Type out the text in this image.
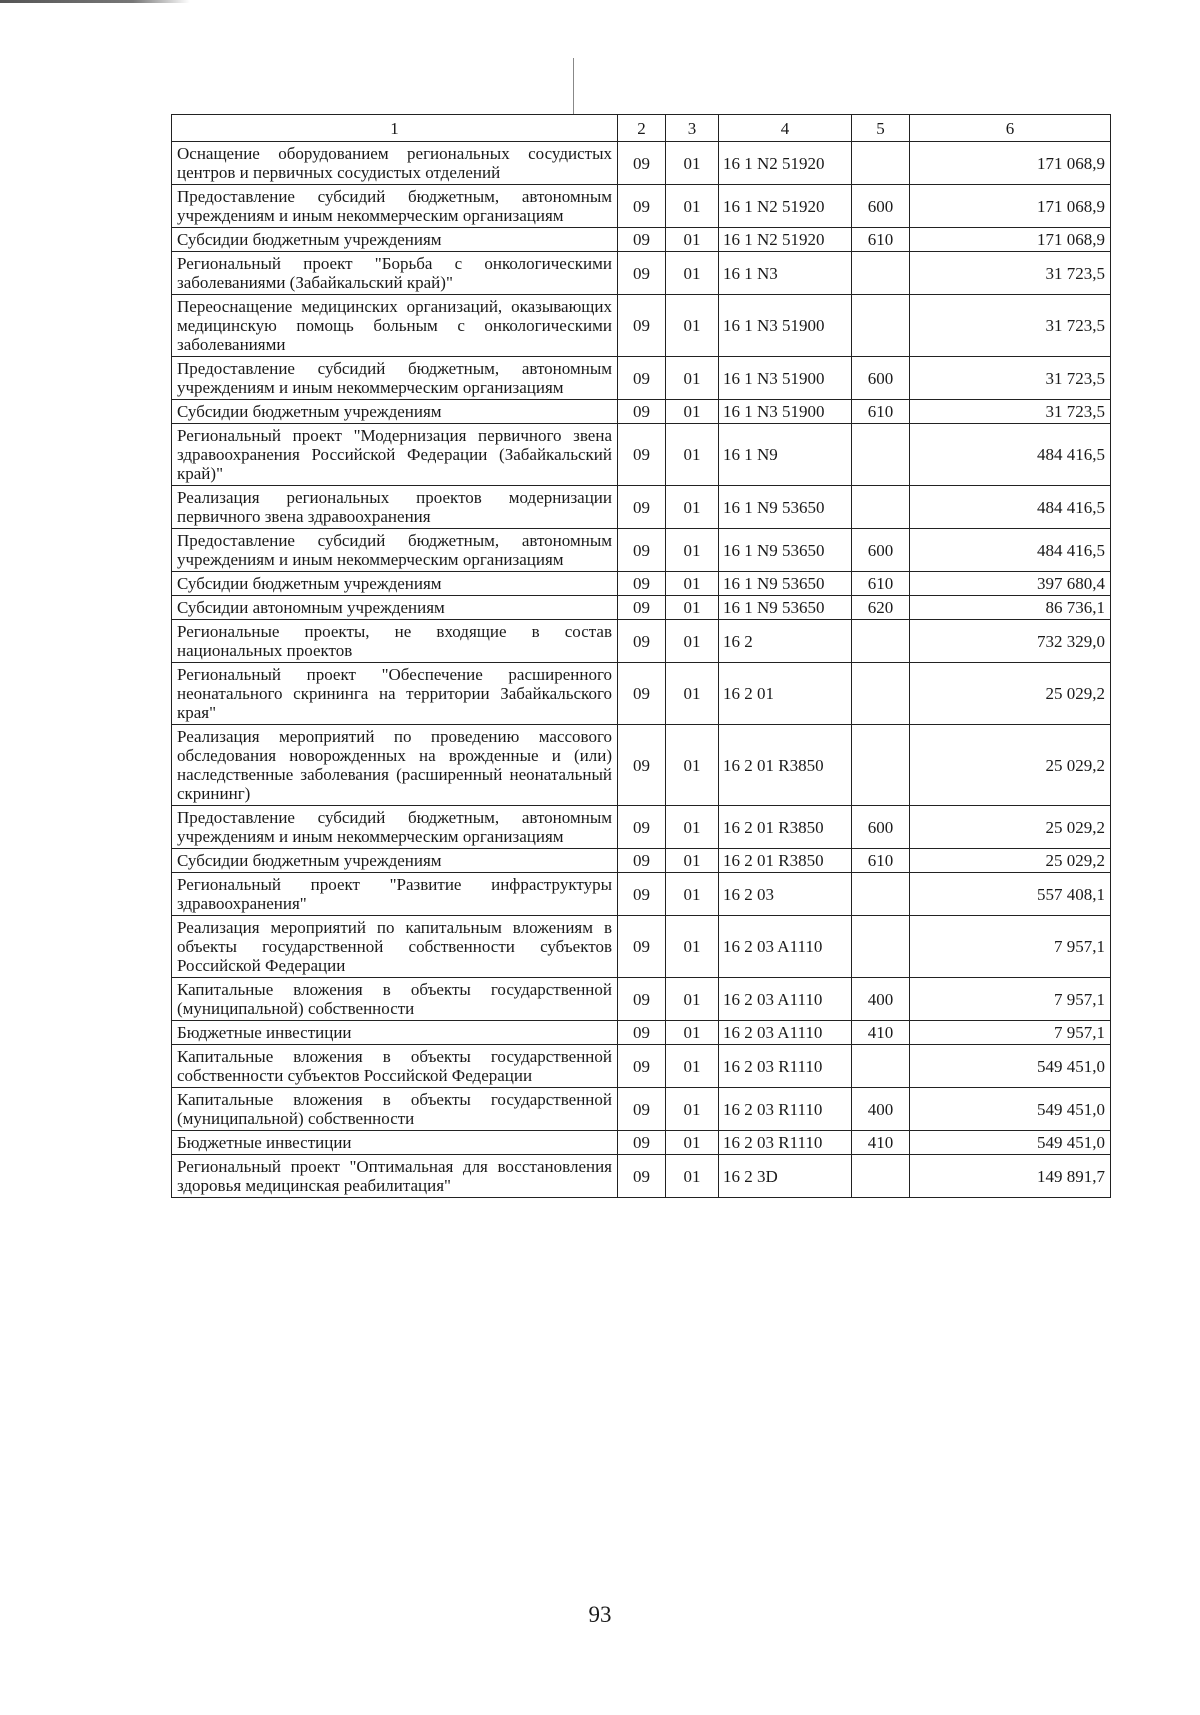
1	2	3	4	5	6
Оснащение оборудованием региональных сосудистых центров и первичных сосудистых отделений	09	01	16 1 N2 51920		171 068,9
Предоставление субсидий бюджетным, автономным учреждениям и иным некоммерческим организациям	09	01	16 1 N2 51920	600	171 068,9
Субсидии бюджетным учреждениям	09	01	16 1 N2 51920	610	171 068,9
Региональный проект "Борьба с онкологическими заболеваниями (Забайкальский край)"	09	01	16 1 N3		31 723,5
Переоснащение медицинских организаций, оказывающих медицинскую помощь больным с онкологическими заболеваниями	09	01	16 1 N3 51900		31 723,5
Предоставление субсидий бюджетным, автономным учреждениям и иным некоммерческим организациям	09	01	16 1 N3 51900	600	31 723,5
Субсидии бюджетным учреждениям	09	01	16 1 N3 51900	610	31 723,5
Региональный проект "Модернизация первичного звена здравоохранения Российской Федерации (Забайкальский край)"	09	01	16 1 N9		484 416,5
Реализация региональных проектов модернизации первичного звена здравоохранения	09	01	16 1 N9 53650		484 416,5
Предоставление субсидий бюджетным, автономным учреждениям и иным некоммерческим организациям	09	01	16 1 N9 53650	600	484 416,5
Субсидии бюджетным учреждениям	09	01	16 1 N9 53650	610	397 680,4
Субсидии автономным учреждениям	09	01	16 1 N9 53650	620	86 736,1
Региональные проекты, не входящие в состав национальных проектов	09	01	16 2		732 329,0
Региональный проект "Обеспечение расширенного неонатального скрининга на территории Забайкальского края"	09	01	16 2 01		25 029,2
Реализация мероприятий по проведению массового обследования новорожденных на врожденные и (или) наследственные заболевания (расширенный неонатальный скрининг)	09	01	16 2 01 R3850		25 029,2
Предоставление субсидий бюджетным, автономным учреждениям и иным некоммерческим организациям	09	01	16 2 01 R3850	600	25 029,2
Субсидии бюджетным учреждениям	09	01	16 2 01 R3850	610	25 029,2
Региональный проект "Развитие инфраструктуры здравоохранения"	09	01	16 2 03		557 408,1
Реализация мероприятий по капитальным вложениям в объекты государственной собственности субъектов Российской Федерации	09	01	16 2 03 A1110		7 957,1
Капитальные вложения в объекты государственной (муниципальной) собственности	09	01	16 2 03 A1110	400	7 957,1
Бюджетные инвестиции	09	01	16 2 03 A1110	410	7 957,1
Капитальные вложения в объекты государственной собственности субъектов Российской Федерации	09	01	16 2 03 R1110		549 451,0
Капитальные вложения в объекты государственной (муниципальной) собственности	09	01	16 2 03 R1110	400	549 451,0
Бюджетные инвестиции	09	01	16 2 03 R1110	410	549 451,0
Региональный проект "Оптимальная для восстановления здоровья медицинская реабилитация"	09	01	16 2 3D		149 891,7
93
